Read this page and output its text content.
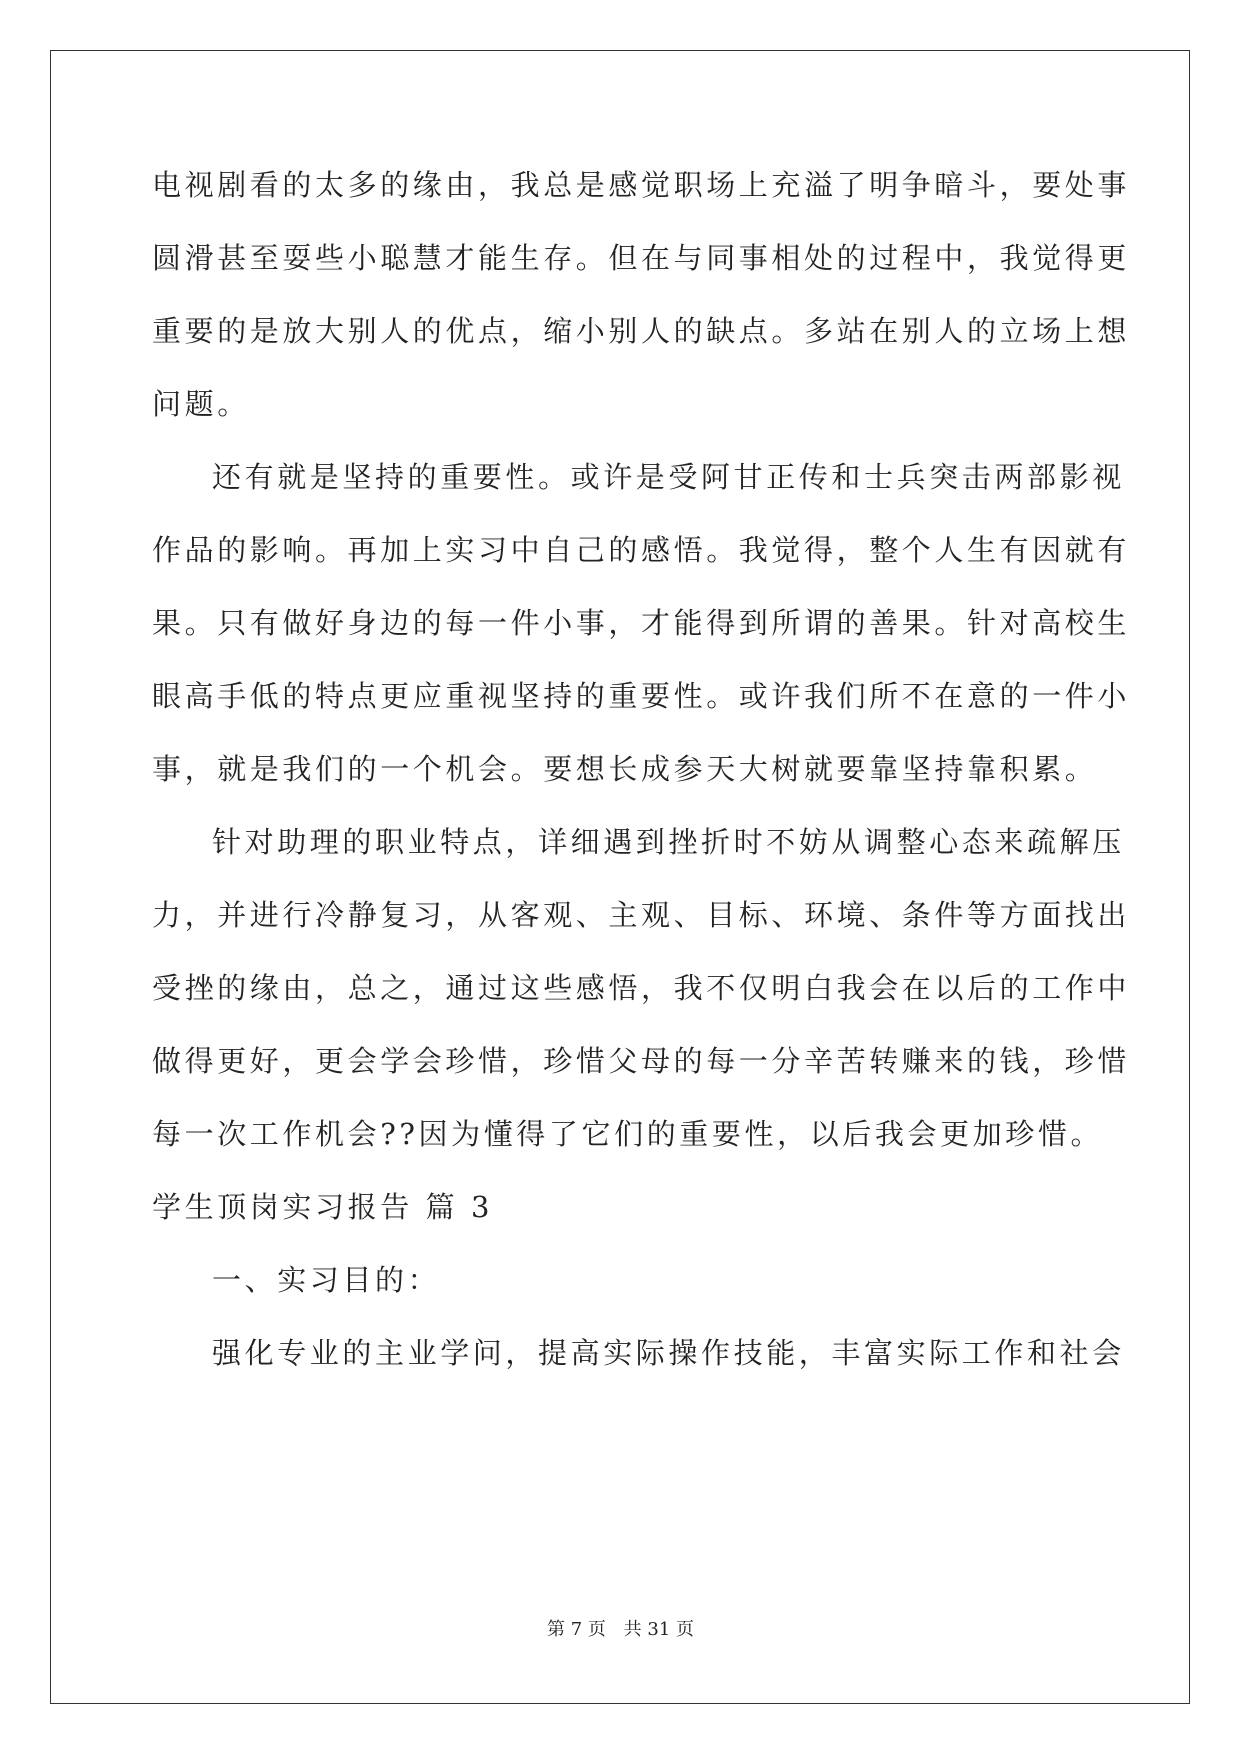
电视剧看的太多的缘由，我总是感觉职场上充溢了明争暗斗，要处事
圆滑甚至耍些小聪慧才能生存。但在与同事相处的过程中，我觉得更
重要的是放大别人的优点，缩小别人的缺点。多站在别人的立场上想
问题。
还有就是坚持的重要性。或许是受阿甘正传和士兵突击两部影视
作品的影响。再加上实习中自己的感悟。我觉得，整个人生有因就有
果。只有做好身边的每一件小事，才能得到所谓的善果。针对高校生
眼高手低的特点更应重视坚持的重要性。或许我们所不在意的一件小
事，就是我们的一个机会。要想长成参天大树就要靠坚持靠积累。
针对助理的职业特点，详细遇到挫折时不妨从调整心态来疏解压
力，并进行冷静复习，从客观、主观、目标、环境、条件等方面找出
受挫的缘由，总之，通过这些感悟，我不仅明白我会在以后的工作中
做得更好，更会学会珍惜，珍惜父母的每一分辛苦转赚来的钱，珍惜
每一次工作机会??因为懂得了它们的重要性，以后我会更加珍惜。
学生顶岗实习报告 篇 3
一、实习目的：
强化专业的主业学问，提高实际操作技能，丰富实际工作和社会
第 7 页 共 31 页
